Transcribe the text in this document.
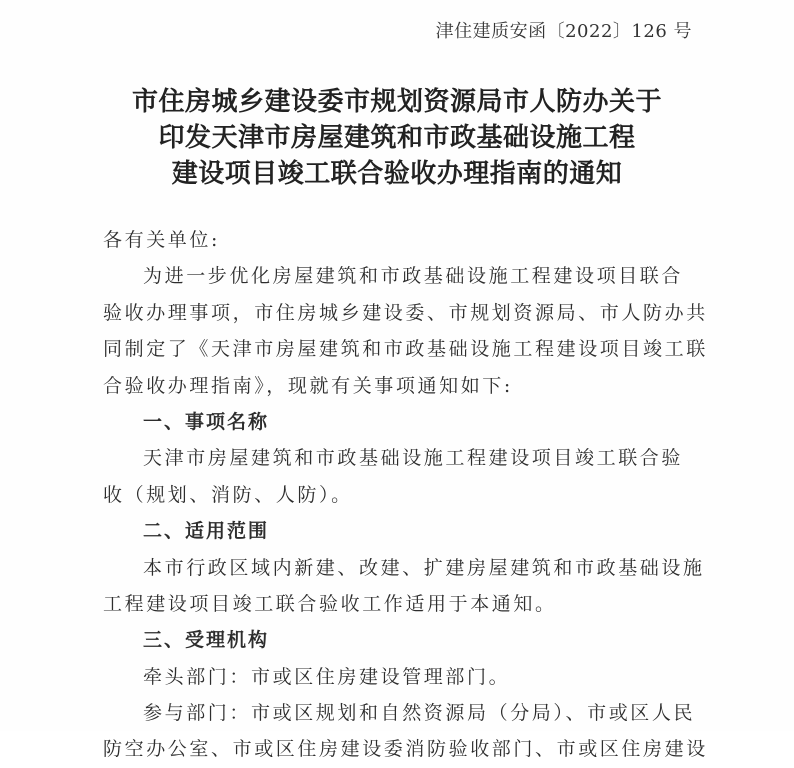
津住建质安函〔2022〕126 号
市住房城乡建设委市规划资源局市人防办关于
印发天津市房屋建筑和市政基础设施工程
建设项目竣工联合验收办理指南的通知
各有关单位:
为进一步优化房屋建筑和市政基础设施工程建设项目联合
验收办理事项，市住房城乡建设委、市规划资源局、市人防办共
同制定了《天津市房屋建筑和市政基础设施工程建设项目竣工联
合验收办理指南》，现就有关事项通知如下:
一、事项名称
天津市房屋建筑和市政基础设施工程建设项目竣工联合验
收（规划、消防、人防）。
二、适用范围
本市行政区域内新建、改建、扩建房屋建筑和市政基础设施
工程建设项目竣工联合验收工作适用于本通知。
三、受理机构
牵头部门：市或区住房建设管理部门。
参与部门：市或区规划和自然资源局（分局）、市或区人民
防空办公室、市或区住房建设委消防验收部门、市或区住房建设
